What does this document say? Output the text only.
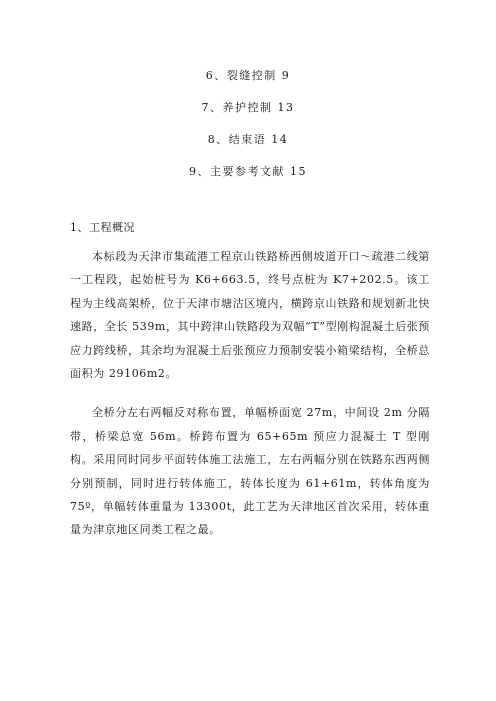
6、裂缝控制 9
7、养护控制 13
8、结束语 14
9、主要参考文献 15
1、工程概况

本标段为天津市集疏港工程京山铁路桥西侧坡道开口～疏港二线第一工程段，起始桩号为 K6+663.5，终号点桩为 K7+202.5。该工程为主线高架桥，位于天津市塘沽区境内，横跨京山铁路和规划新北快速路，全长 539m，其中跨津山铁路段为双幅“T”型刚构混凝土后张预应力跨线桥，其余均为混凝土后张预应力预制安装小箱梁结构，全桥总面积为 29106m2。

全桥分左右两幅反对称布置，单幅桥面宽 27m，中间设 2m 分隔带，桥梁总宽 56m。桥跨布置为 65+65m 预应力混凝土 T 型刚构。采用同时同步平面转体施工法施工，左右两幅分别在铁路东西两侧分别预制，同时进行转体施工，转体长度为 61+61m，转体角度为 75º，单幅转体重量为 13300t，此工艺为天津地区首次采用，转体重量为津京地区同类工程之最。
